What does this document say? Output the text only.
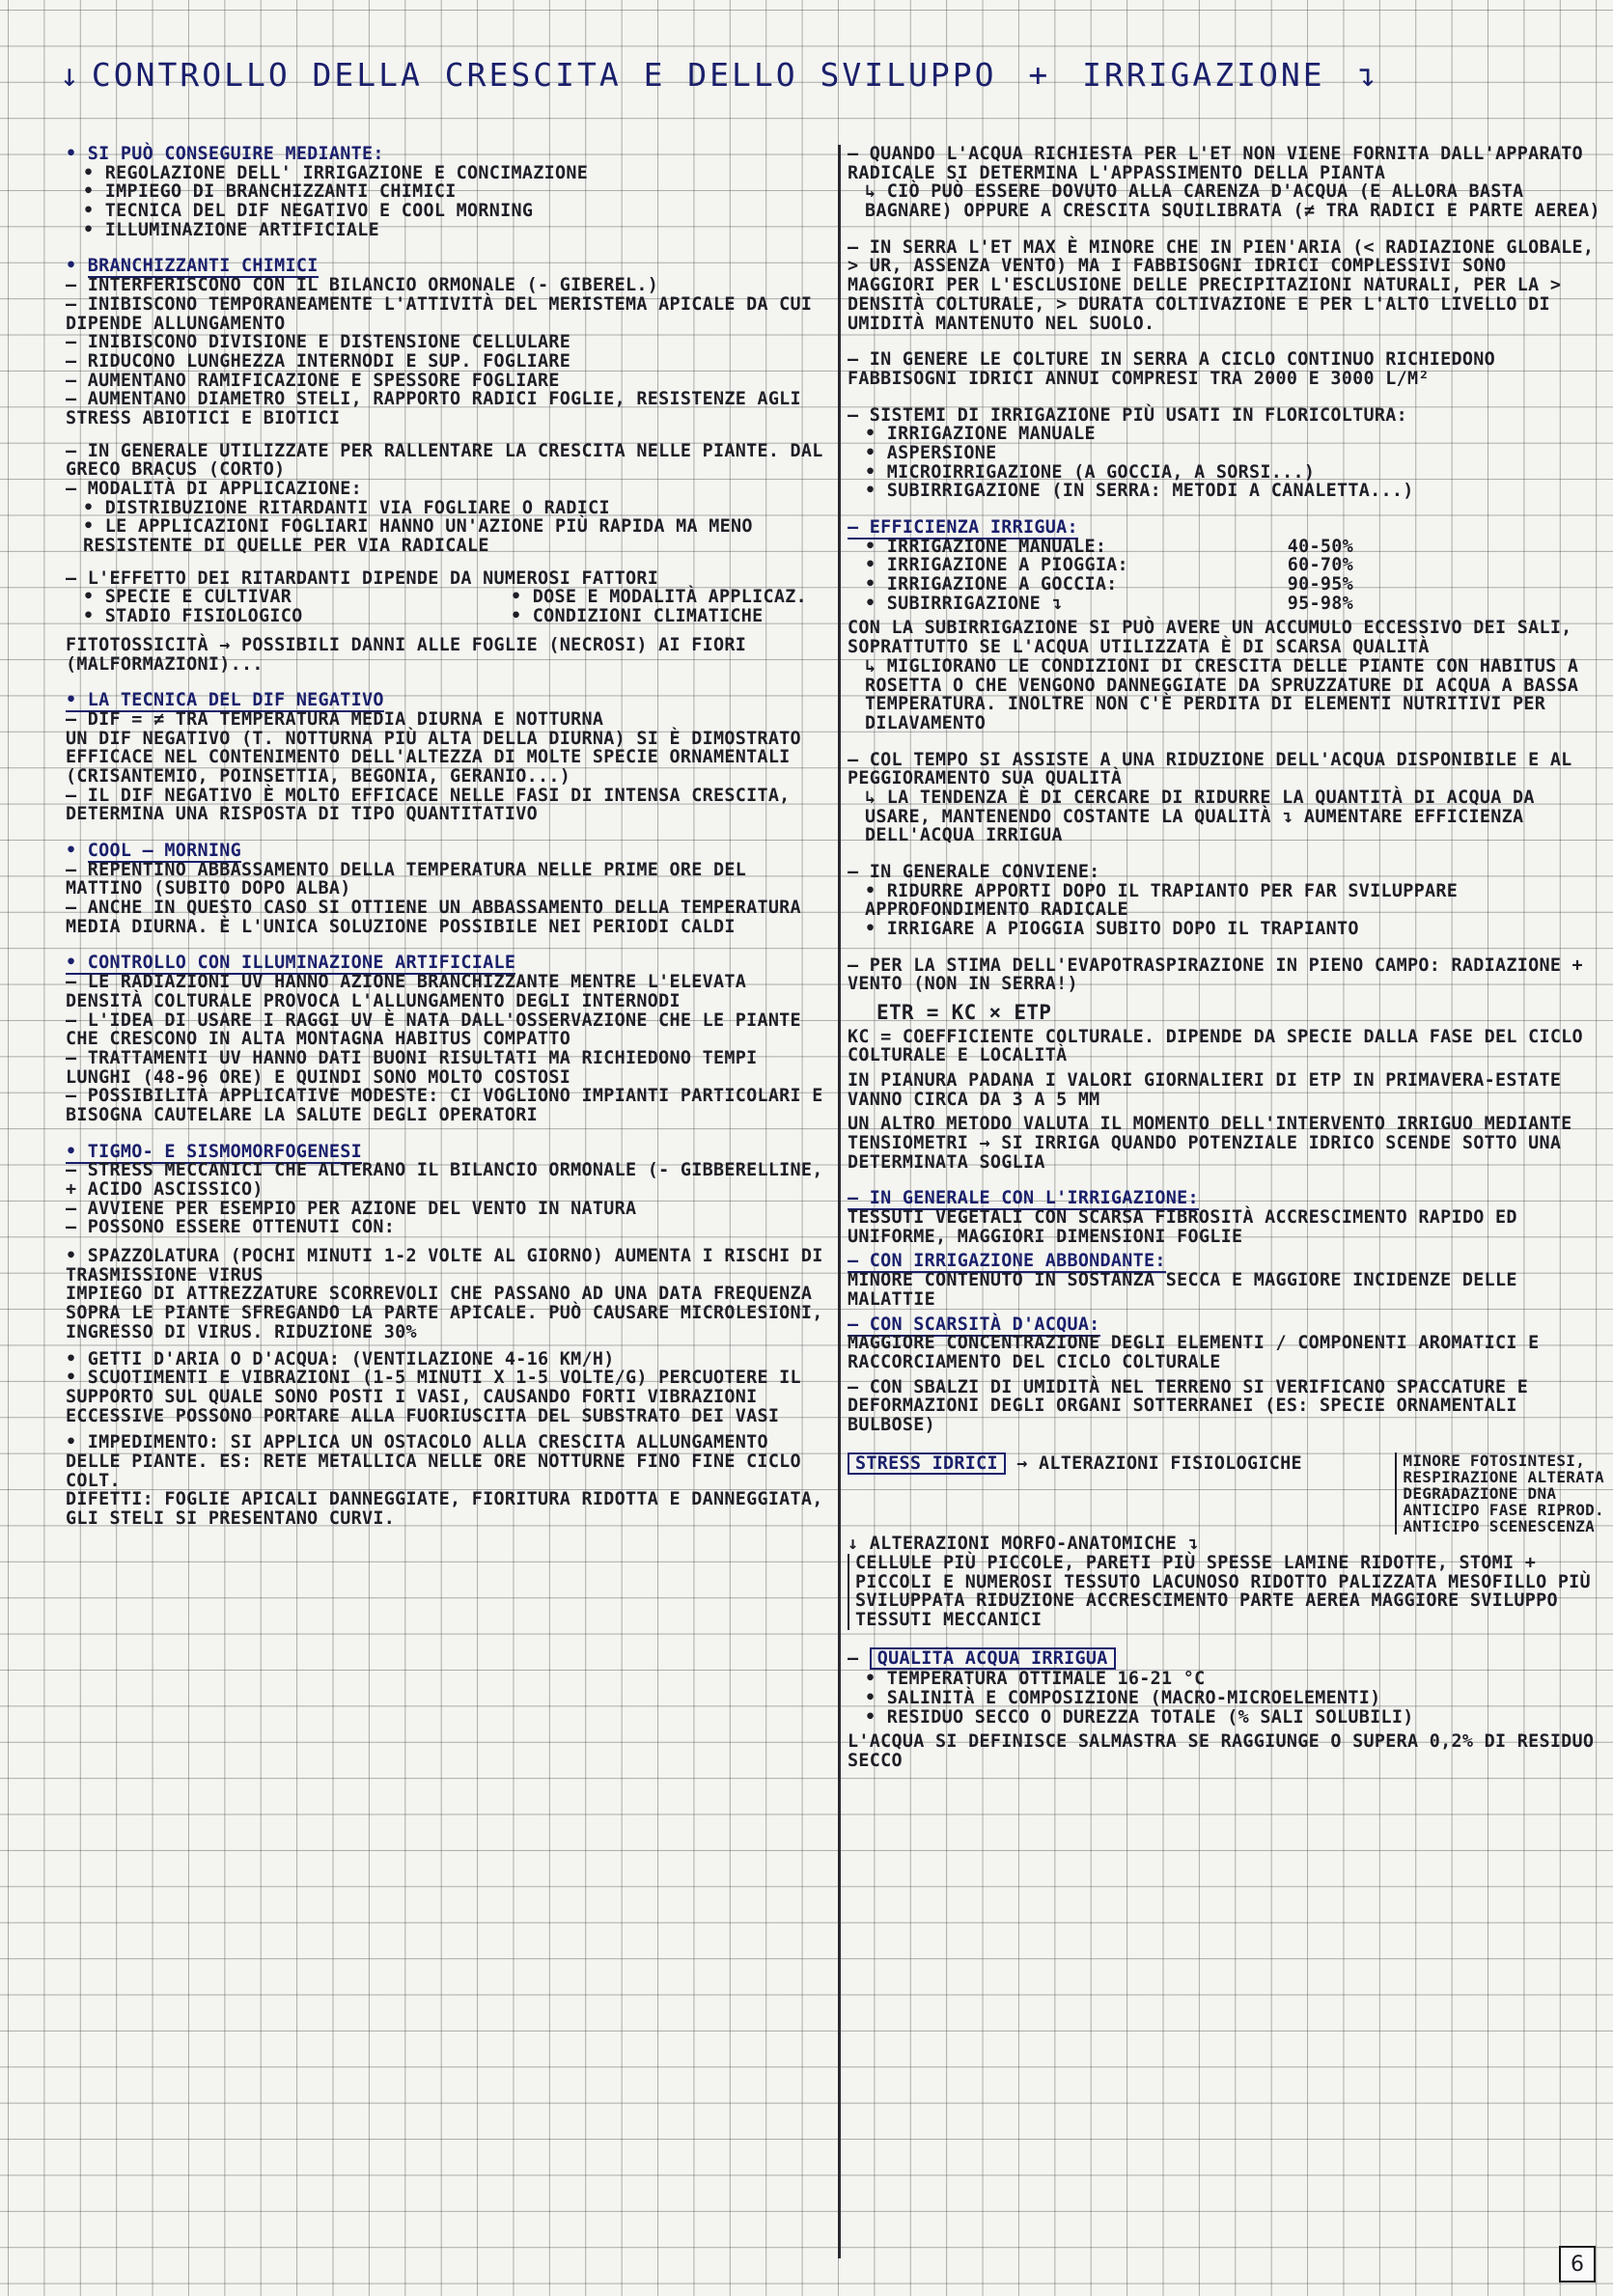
↓ CONTROLLO DELLA CRESCITA E DELLO SVILUPPO + IRRIGAZIONE ↴

• SI PUÒ CONSEGUIRE MEDIANTE:

• REGOLAZIONE DELL' IRRIGAZIONE E CONCIMAZIONE

• IMPIEGO DI BRANCHIZZANTI CHIMICI

• TECNICA DEL DIF NEGATIVO E COOL MORNING

• ILLUMINAZIONE ARTIFICIALE

• BRANCHIZZANTI CHIMICI

– INTERFERISCONO CON IL BILANCIO ORMONALE (- GIBEREL.)

– INIBISCONO TEMPORANEAMENTE L'ATTIVITÀ DEL MERISTEMA APICALE DA CUI DIPENDE ALLUNGAMENTO

– INIBISCONO DIVISIONE E DISTENSIONE CELLULARE

– RIDUCONO LUNGHEZZA INTERNODI E SUP. FOGLIARE

– AUMENTANO RAMIFICAZIONE E SPESSORE FOGLIARE

– AUMENTANO DIAMETRO STELI, RAPPORTO RADICI FOGLIE, RESISTENZE AGLI STRESS ABIOTICI E BIOTICI

– IN GENERALE UTILIZZATE PER RALLENTARE LA CRESCITA NELLE PIANTE. DAL GRECO BRACUS (CORTO)

– MODALITÀ DI APPLICAZIONE:

• DISTRIBUZIONE RITARDANTI VIA FOGLIARE O RADICI

• LE APPLICAZIONI FOGLIARI HANNO UN'AZIONE PIÙ RAPIDA MA MENO RESISTENTE DI QUELLE PER VIA RADICALE

– L'EFFETTO DEI RITARDANTI DIPENDE DA NUMEROSI FATTORI

• SPECIE E CULTIVAR

• STADIO FISIOLOGICO

• DOSE E MODALITÀ APPLICAZ.

• CONDIZIONI CLIMATICHE

FITOTOSSICITÀ → POSSIBILI DANNI ALLE FOGLIE (NECROSI) AI FIORI (MALFORMAZIONI)...

• LA TECNICA DEL DIF NEGATIVO

– DIF = ≠ TRA TEMPERATURA MEDIA DIURNA E NOTTURNA

UN DIF NEGATIVO (T. NOTTURNA PIÙ ALTA DELLA DIURNA) SI È DIMOSTRATO EFFICACE NEL CONTENIMENTO DELL'ALTEZZA DI MOLTE SPECIE ORNAMENTALI (CRISANTEMIO, POINSETTIA, BEGONIA, GERANIO...)

– IL DIF NEGATIVO È MOLTO EFFICACE NELLE FASI DI INTENSA CRESCITA, DETERMINA UNA RISPOSTA DI TIPO QUANTITATIVO

• COOL – MORNING

– REPENTINO ABBASSAMENTO DELLA TEMPERATURA NELLE PRIME ORE DEL MATTINO (SUBITO DOPO ALBA)

– ANCHE IN QUESTO CASO SI OTTIENE UN ABBASSAMENTO DELLA TEMPERATURA MEDIA DIURNA. È L'UNICA SOLUZIONE POSSIBILE NEI PERIODI CALDI

• CONTROLLO CON ILLUMINAZIONE ARTIFICIALE

– LE RADIAZIONI UV HANNO AZIONE BRANCHIZZANTE MENTRE L'ELEVATA DENSITÀ COLTURALE PROVOCA L'ALLUNGAMENTO DEGLI INTERNODI

– L'IDEA DI USARE I RAGGI UV È NATA DALL'OSSERVAZIONE CHE LE PIANTE CHE CRESCONO IN ALTA MONTAGNA HABITUS COMPATTO

– TRATTAMENTI UV HANNO DATI BUONI RISULTATI MA RICHIEDONO TEMPI LUNGHI (48-96 ORE) E QUINDI SONO MOLTO COSTOSI

– POSSIBILITÀ APPLICATIVE MODESTE: CI VOGLIONO IMPIANTI PARTICOLARI E BISOGNA CAUTELARE LA SALUTE DEGLI OPERATORI

• TIGMO- E SISMOMORFOGENESI

– STRESS MECCANICI CHE ALTERANO IL BILANCIO ORMONALE (- GIBBERELLINE, + ACIDO ASCISSICO)

– AVVIENE PER ESEMPIO PER AZIONE DEL VENTO IN NATURA

– POSSONO ESSERE OTTENUTI CON:

• SPAZZOLATURA (POCHI MINUTI 1-2 VOLTE AL GIORNO) AUMENTA I RISCHI DI TRASMISSIONE VIRUS

IMPIEGO DI ATTREZZATURE SCORREVOLI CHE PASSANO AD UNA DATA FREQUENZA SOPRA LE PIANTE SFREGANDO LA PARTE APICALE. PUÒ CAUSARE MICROLESIONI, INGRESSO DI VIRUS. RIDUZIONE 30%

• GETTI D'ARIA O D'ACQUA: (VENTILAZIONE 4-16 KM/H)

• SCUOTIMENTI E VIBRAZIONI (1-5 MINUTI X 1-5 VOLTE/G) PERCUOTERE IL SUPPORTO SUL QUALE SONO POSTI I VASI, CAUSANDO FORTI VIBRAZIONI ECCESSIVE POSSONO PORTARE ALLA FUORIUSCITA DEL SUBSTRATO DEI VASI

• IMPEDIMENTO: SI APPLICA UN OSTACOLO ALLA CRESCITA ALLUNGAMENTO DELLE PIANTE. ES: RETE METALLICA NELLE ORE NOTTURNE FINO FINE CICLO COLT.

DIFETTI: FOGLIE APICALI DANNEGGIATE, FIORITURA RIDOTTA E DANNEGGIATA, GLI STELI SI PRESENTANO CURVI.

– QUANDO L'ACQUA RICHIESTA PER L'ET NON VIENE FORNITA DALL'APPARATO RADICALE SI DETERMINA L'APPASSIMENTO DELLA PIANTA

↳ CIÒ PUÒ ESSERE DOVUTO ALLA CARENZA D'ACQUA (E ALLORA BASTA BAGNARE) OPPURE A CRESCITA SQUILIBRATA (≠ TRA RADICI E PARTE AEREA)

– IN SERRA L'ET MAX È MINORE CHE IN PIEN'ARIA (< RADIAZIONE GLOBALE, > UR, ASSENZA VENTO) MA I FABBISOGNI IDRICI COMPLESSIVI SONO MAGGIORI PER L'ESCLUSIONE DELLE PRECIPITAZIONI NATURALI, PER LA > DENSITÀ COLTURALE, > DURATA COLTIVAZIONE E PER L'ALTO LIVELLO DI UMIDITÀ MANTENUTO NEL SUOLO.

– IN GENERE LE COLTURE IN SERRA A CICLO CONTINUO RICHIEDONO FABBISOGNI IDRICI ANNUI COMPRESI TRA 2000 E 3000 L/M²

– SISTEMI DI IRRIGAZIONE PIÙ USATI IN FLORICOLTURA:

• IRRIGAZIONE MANUALE

• ASPERSIONE

• MICROIRRIGAZIONE (A GOCCIA, A SORSI...)

• SUBIRRIGAZIONE (IN SERRA: METODI A CANALETTA...)

– EFFICIENZA IRRIGUA:

• IRRIGAZIONE MANUALE:	40-50%
• IRRIGAZIONE A PIOGGIA:	60-70%
• IRRIGAZIONE A GOCCIA:	90-95%
• SUBIRRIGAZIONE ↴	95-98%

CON LA SUBIRRIGAZIONE SI PUÒ AVERE UN ACCUMULO ECCESSIVO DEI SALI, SOPRATTUTTO SE L'ACQUA UTILIZZATA È DI SCARSA QUALITÀ

↳ MIGLIORANO LE CONDIZIONI DI CRESCITA DELLE PIANTE CON HABITUS A ROSETTA O CHE VENGONO DANNEGGIATE DA SPRUZZATURE DI ACQUA A BASSA TEMPERATURA. INOLTRE NON C'È PERDITA DI ELEMENTI NUTRITIVI PER DILAVAMENTO

– COL TEMPO SI ASSISTE A UNA RIDUZIONE DELL'ACQUA DISPONIBILE E AL PEGGIORAMENTO SUA QUALITÀ

↳ LA TENDENZA È DI CERCARE DI RIDURRE LA QUANTITÀ DI ACQUA DA USARE, MANTENENDO COSTANTE LA QUALITÀ ↴ AUMENTARE EFFICIENZA DELL'ACQUA IRRIGUA

– IN GENERALE CONVIENE:

• RIDURRE APPORTI DOPO IL TRAPIANTO PER FAR SVILUPPARE APPROFONDIMENTO RADICALE

• IRRIGARE A PIOGGIA SUBITO DOPO IL TRAPIANTO

– PER LA STIMA DELL'EVAPOTRASPIRAZIONE IN PIENO CAMPO: RADIAZIONE + VENTO (NON IN SERRA!)

ETR = KC × ETP

KC = COEFFICIENTE COLTURALE. DIPENDE DA SPECIE DALLA FASE DEL CICLO COLTURALE E LOCALITÀ

IN PIANURA PADANA I VALORI GIORNALIERI DI ETP IN PRIMAVERA-ESTATE VANNO CIRCA DA 3 A 5 MM

UN ALTRO METODO VALUTA IL MOMENTO DELL'INTERVENTO IRRIGUO MEDIANTE TENSIOMETRI → SI IRRIGA QUANDO POTENZIALE IDRICO SCENDE SOTTO UNA DETERMINATA SOGLIA

– IN GENERALE CON L'IRRIGAZIONE:

TESSUTI VEGETALI CON SCARSA FIBROSITÀ ACCRESCIMENTO RAPIDO ED UNIFORME, MAGGIORI DIMENSIONI FOGLIE

– CON IRRIGAZIONE ABBONDANTE:

MINORE CONTENUTO IN SOSTANZA SECCA E MAGGIORE INCIDENZE DELLE MALATTIE

– CON SCARSITÀ D'ACQUA:

MAGGIORE CONCENTRAZIONE DEGLI ELEMENTI / COMPONENTI AROMATICI E RACCORCIAMENTO DEL CICLO COLTURALE

– CON SBALZI DI UMIDITÀ NEL TERRENO SI VERIFICANO SPACCATURE E DEFORMAZIONI DEGLI ORGANI SOTTERRANEI (ES: SPECIE ORNAMENTALI BULBOSE)

STRESS IDRICI → ALTERAZIONI FISIOLOGICHE	MINORE FOTOSINTESI,

RESPIRAZIONE ALTERATA

DEGRADAZIONE DNA

ANTICIPO FASE RIPROD.

ANTICIPO SCENESCENZA

↓ ALTERAZIONI MORFO-ANATOMICHE ↴

CELLULE PIÙ PICCOLE, PARETI PIÙ SPESSE LAMINE RIDOTTE, STOMI + PICCOLI E NUMEROSI TESSUTO LACUNOSO RIDOTTO PALIZZATA MESOFILLO PIÙ SVILUPPATA RIDUZIONE ACCRESCIMENTO PARTE AEREA MAGGIORE SVILUPPO TESSUTI MECCANICI

– QUALITÀ ACQUA IRRIGUA

• TEMPERATURA OTTIMALE 16-21 °C

• SALINITÀ E COMPOSIZIONE (MACRO-MICROELEMENTI)

• RESIDUO SECCO O DUREZZA TOTALE (% SALI SOLUBILI)

L'ACQUA SI DEFINISCE SALMASTRA SE RAGGIUNGE O SUPERA 0,2% DI RESIDUO SECCO

6
